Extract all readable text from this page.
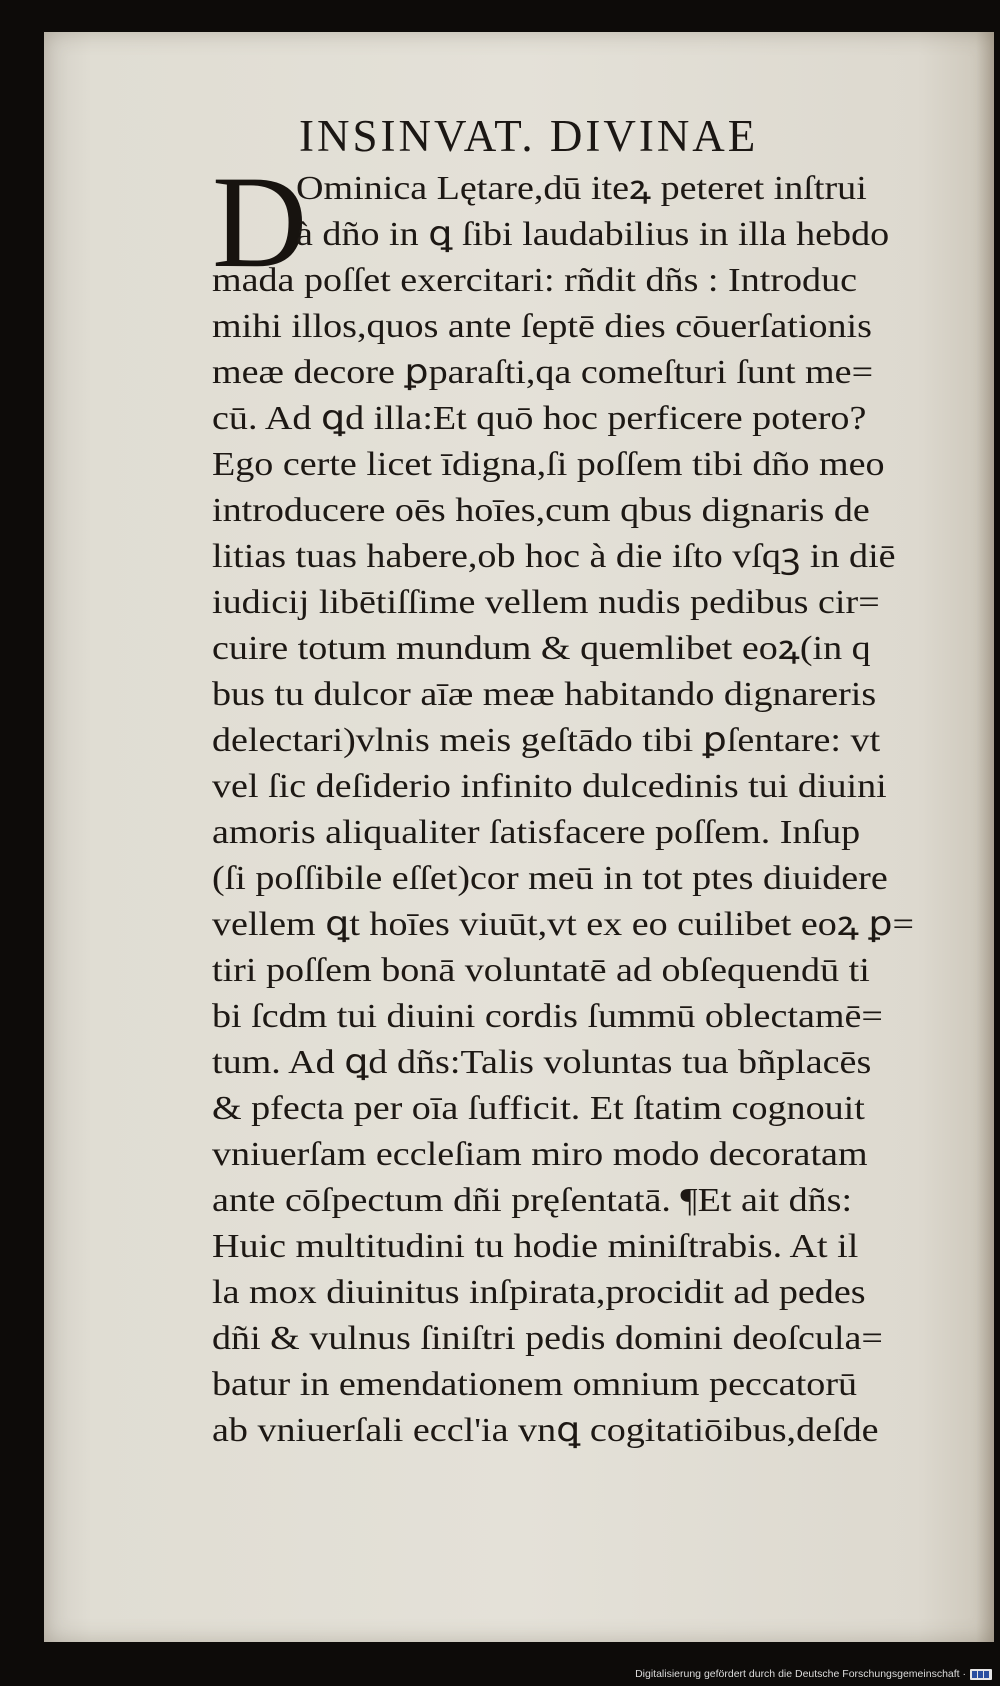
INSINVAT. DIVINAE
D
Ominica Lętare,dū iteꝝ peteret inſtrui
à dño in ꝗ ſibi laudabilius in illa hebdo
mada poſſet exercitari: rñdit dñs : Introduc
mihi illos,quos ante ſeptē dies cōuerſationis
meæ decore ꝑparaſti,qa comeſturi ſunt me=
cū. Ad ꝗd illa:Et quō hoc perficere potero?
Ego certe licet īdigna,ſi poſſem tibi dño meo
introducere oēs hoīes,cum qbus dignaris de
litias tuas habere,ob hoc à die iſto vſqꝫ in diē
iudicij libētiſſime vellem nudis pedibus cir=
cuire totum mundum & quemlibet eoꝝ(in q
bus tu dulcor aīæ meæ habitando dignareris
delectari)vlnis meis geſtādo tibi ꝑſentare: vt
vel ſic deſiderio infinito dulcedinis tui diuini
amoris aliqualiter ſatisfacere poſſem. Inſup
(ſi poſſibile eſſet)cor meū in tot ptes diuidere
vellem ꝗt hoīes viuūt,vt ex eo cuilibet eoꝝ ꝑ=
tiri poſſem bonā voluntatē ad obſequendū ti
bi ſcdm tui diuini cordis ſummū oblectamē=
tum. Ad ꝗd dñs:Talis voluntas tua bñplacēs
& pfecta per oīa ſufficit. Et ſtatim cognouit
vniuerſam eccleſiam miro modo decoratam
ante cōſpectum dñi pręſentatā. ¶Et ait dñs:
Huic multitudini tu hodie miniſtrabis. At il
la mox diuinitus inſpirata,procidit ad pedes
dñi & vulnus ſiniſtri pedis domini deoſcula=
batur in emendationem omnium peccatorū
ab vniuerſali eccl'ia vnꝗ cogitatiōibus,deſde
Digitalisierung gefördert durch die Deutsche Forschungsgemeinschaft ·
